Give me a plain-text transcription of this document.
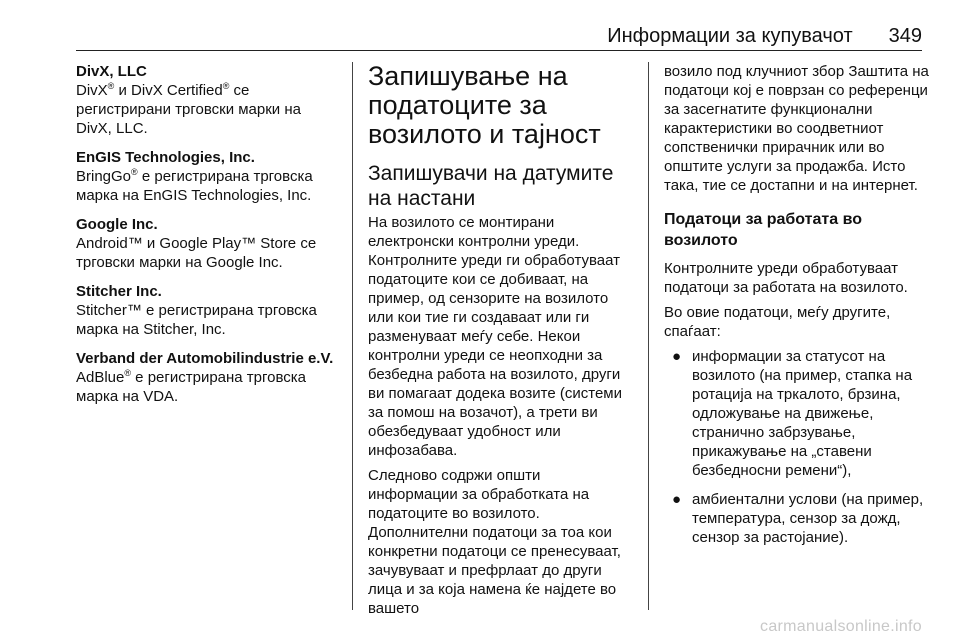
Информации за купувачот 349
DivX, LLC
DivX® и DivX Certified® се регистрирани трговски марки на DivX, LLC.
EnGIS Technologies, Inc.
BringGo® е регистрирана трговска марка на EnGIS Technologies, Inc.
Google Inc.
Android™ и Google Play™ Store се трговски марки на Google Inc.
Stitcher Inc.
Stitcher™ е регистрирана трговска марка на Stitcher, Inc.
Verband der Automobilindustrie e.V.
AdBlue® е регистрирана трговска марка на VDA.
Запишување на податоците за возилото и тајност
Запишувачи на датумите на настани

На возилото се монтирани електронски контролни уреди. Контролните уреди ги обработуваат податоците кои се добиваат, на пример, од сензорите на возилото или кои тие ги создаваат или ги разменуваат меѓу себе. Некои контролни уреди се неопходни за безбедна работа на возилото, други ви помагаат додека возите (системи за помош на возачот), а трети ви обезбедуваат удобност или инфозабава.

Следново содржи општи информации за обработката на податоците во возилото. Дополнителни податоци за тоа кои конкретни податоци се пренесуваат, зачувуваат и префрлаат до други лица и за која намена ќе најдете во вашето

возило под клучниот збор Заштита на податоци кој е поврзан со референци за засегнатите функционални карактеристики во соодветниот сопственички прирачник или во општите услуги за продажба. Исто така, тие се достапни и на интернет.

Податоци за работата во возилото

Контролните уреди обработуваат податоци за работата на возилото.

Во овие податоци, меѓу другите, спаѓаат:

● информации за статусот на возилото (на пример, стапка на ротација на тркалото, брзина, одложување на движење, странично забрзување, прикажување на „ставени безбедносни ремени“),
● амбиентални услови (на пример, температура, сензор за дожд, сензор за растојание).
carmanualsonline.info
